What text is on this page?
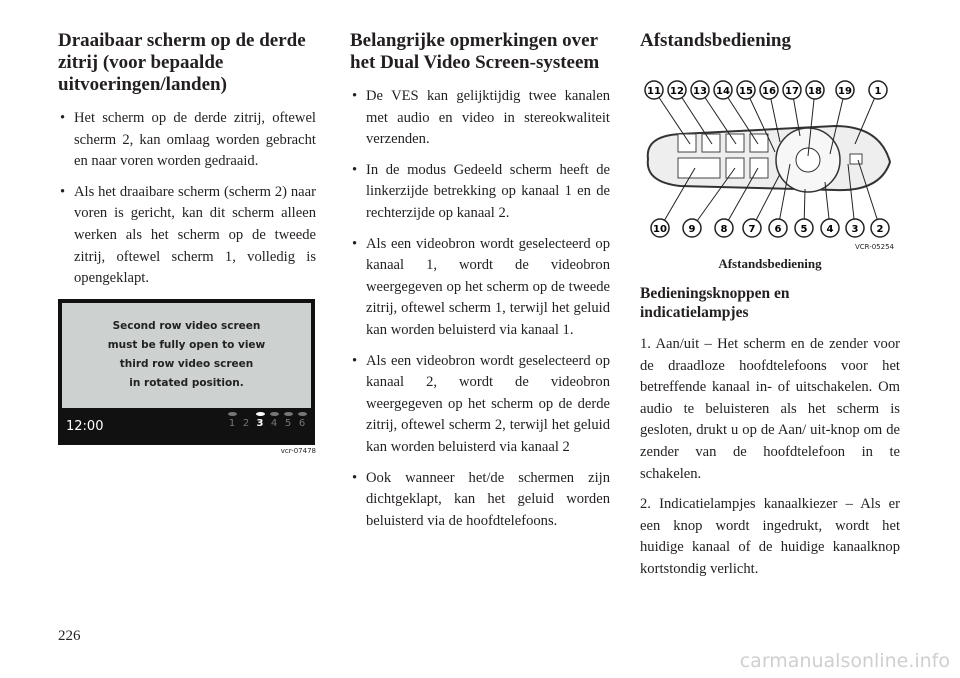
Draaibaar scherm op de derde zitrij (voor bepaalde uitvoeringen/landen)
• Het scherm op de derde zitrij, oftewel scherm 2, kan omlaag worden gebracht en naar voren worden gedraaid.
• Als het draaibare scherm (scherm 2) naar voren is gericht, kan dit scherm alleen werken als het scherm op de tweede zitrij, oftewel scherm 1, volledig is opengeklapt.
Second row video screen
must be fully open to view
third row video screen
in rotated position.
12:00	1 2 3 4 5 6
vcr-07478
Belangrijke opmerkingen over het Dual Video Screen-systeem
• De VES kan gelijktijdig twee kanalen met audio en video in stereokwaliteit verzenden.
• In de modus Gedeeld scherm heeft de linkerzijde betrekking op kanaal 1 en de rechterzijde op kanaal 2.
• Als een videobron wordt geselecteerd op kanaal 1, wordt de videobron weergegeven op het scherm op de tweede zitrij, oftewel scherm 1, terwijl het geluid kan worden beluisterd via kanaal 1.
• Als een videobron wordt geselecteerd op kanaal 2, wordt de videobron weergegeven op het scherm op de derde zitrij, oftewel scherm 2, terwijl het geluid kan worden beluisterd via kanaal 2
• Ook wanneer het/de schermen zijn dichtgeklapt, kan het geluid worden beluisterd via de hoofdtelefoons.
Afstandsbediening
11 12 13 14 15 16 17 18 19 1
10 9	8 7 6 5 4 3 2
VCR-05254
Afstandsbediening
Bedieningsknoppen en indicatielampjes

1. Aan/uit – Het scherm en de zender voor de draadloze hoofdtelefoons voor het betreffende kanaal in- of uitschakelen. Om audio te beluisteren als het scherm is gesloten, drukt u op de Aan/ uit-knop om de zender van de hoofdtelefoon in te schakelen.

2. Indicatielampjes kanaalkiezer – Als er een knop wordt ingedrukt, wordt het huidige kanaal of de huidige kanaalknop kortstondig verlicht.

226
carmanualsonline.info
